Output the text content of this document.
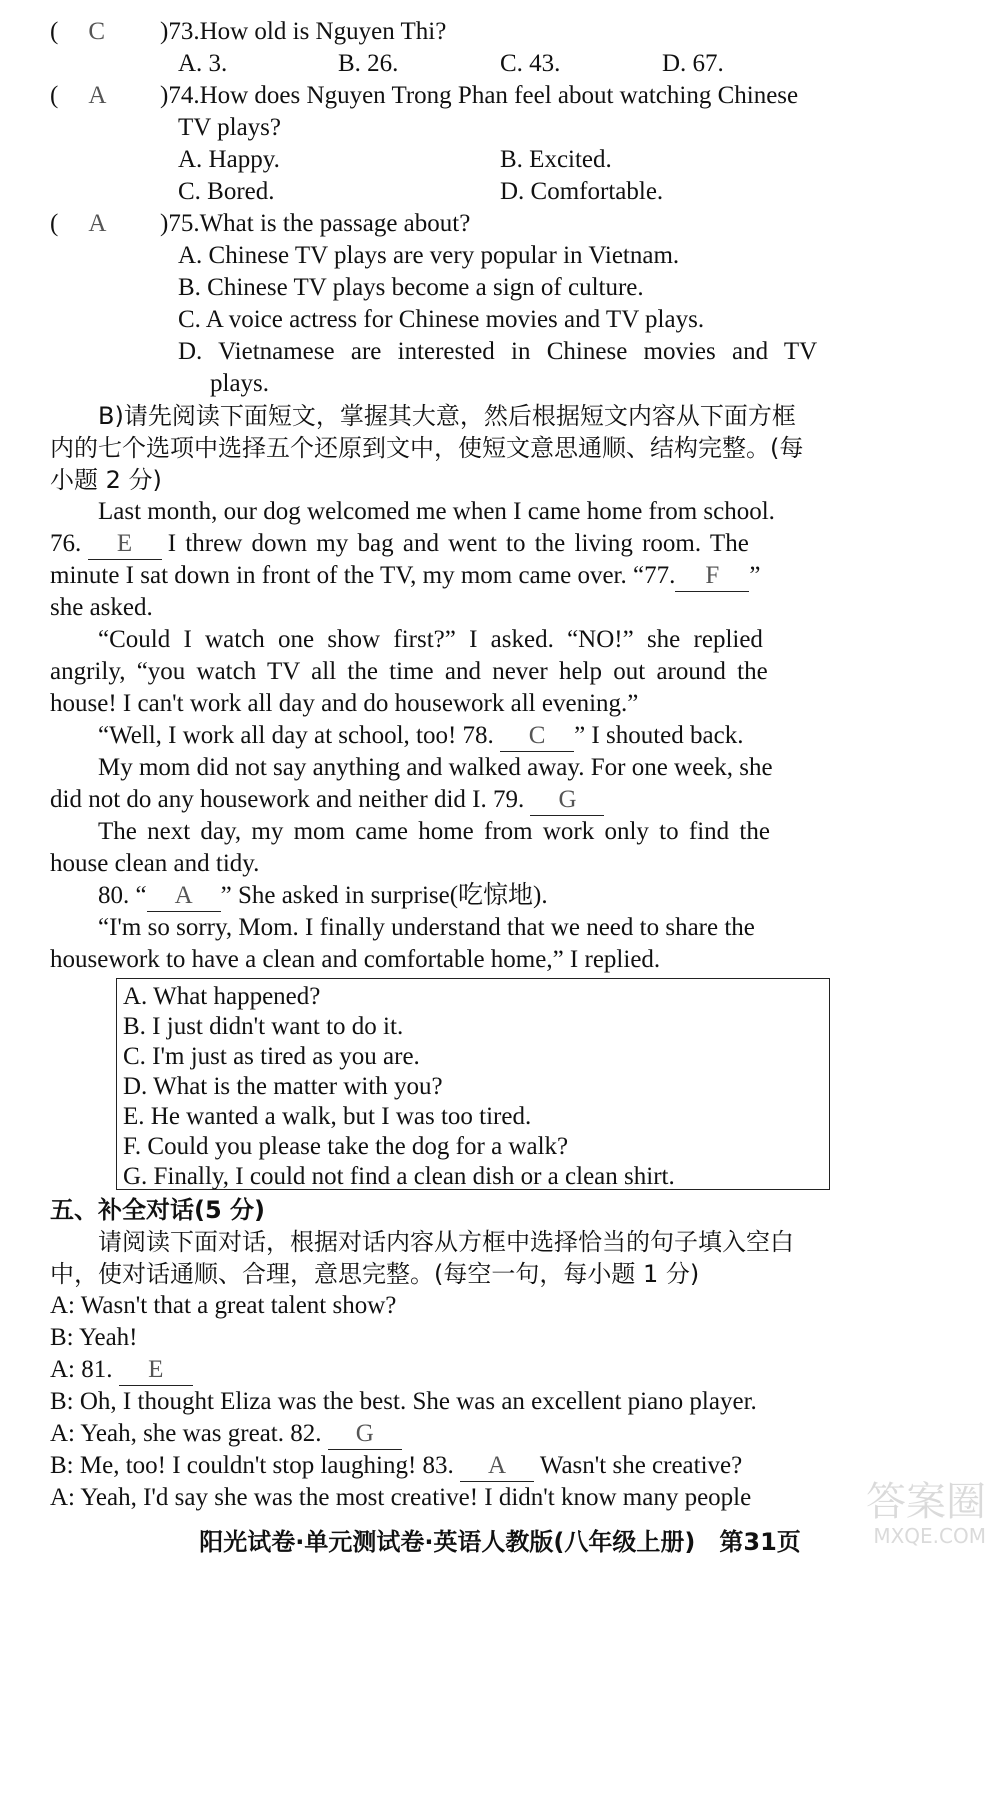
( C )73.How old is Nguyen Thi?
A. 3.	B. 26.	C. 43.	D. 67.
( A )74.How does Nguyen Trong Phan feel about watching Chinese
TV plays?
A. Happy.	B. Excited.
C. Bored.	D. Comfortable.
( A )75.What is the passage about?
A. Chinese TV plays are very popular in Vietnam.
B. Chinese TV plays become a sign of culture.
C. A voice actress for Chinese movies and TV plays.
D. Vietnamese are interested in Chinese movies and TV
plays.
B)请先阅读下面短文，掌握其大意，然后根据短文内容从下面方框
内的七个选项中选择五个还原到文中，使短文意思通顺、结构完整。(每
小题 2 分)
Last month, our dog welcomed me when I came home from school.
76. E I threw down my bag and went to the living room. The
minute I sat down in front of the TV, my mom came over. “77. F ”
she asked.
“Could I watch one show first?” I asked. “NO!” she replied
angrily, “you watch TV all the time and never help out around the
house! I can't work all day and do housework all evening.”
“Well, I work all day at school, too! 78. C ” I shouted back.
My mom did not say anything and walked away. For one week, she
did not do any housework and neither did I. 79. G
The next day, my mom came home from work only to find the
house clean and tidy.
80. “ A ” She asked in surprise(吃惊地).
“I'm so sorry, Mom. I finally understand that we need to share the
housework to have a clean and comfortable home,” I replied.
A. What happened?
B. I just didn't want to do it.
C. I'm just as tired as you are.
D. What is the matter with you?
E. He wanted a walk, but I was too tired.
F. Could you please take the dog for a walk?
G. Finally, I could not find a clean dish or a clean shirt.
五、补全对话(5 分)
请阅读下面对话，根据对话内容从方框中选择恰当的句子填入空白
中，使对话通顺、合理，意思完整。(每空一句，每小题 1 分)
A: Wasn't that a great talent show?
B: Yeah!
A: 81. E
B: Oh, I thought Eliza was the best. She was an excellent piano player.
A: Yeah, she was great. 82. G
B: Me, too! I couldn't stop laughing! 83. A Wasn't she creative?
A: Yeah, I'd say she was the most creative! I didn't know many people
阳光试卷·单元测试卷·英语人教版(八年级上册)　第31页
答案圈
MXQE.COM
